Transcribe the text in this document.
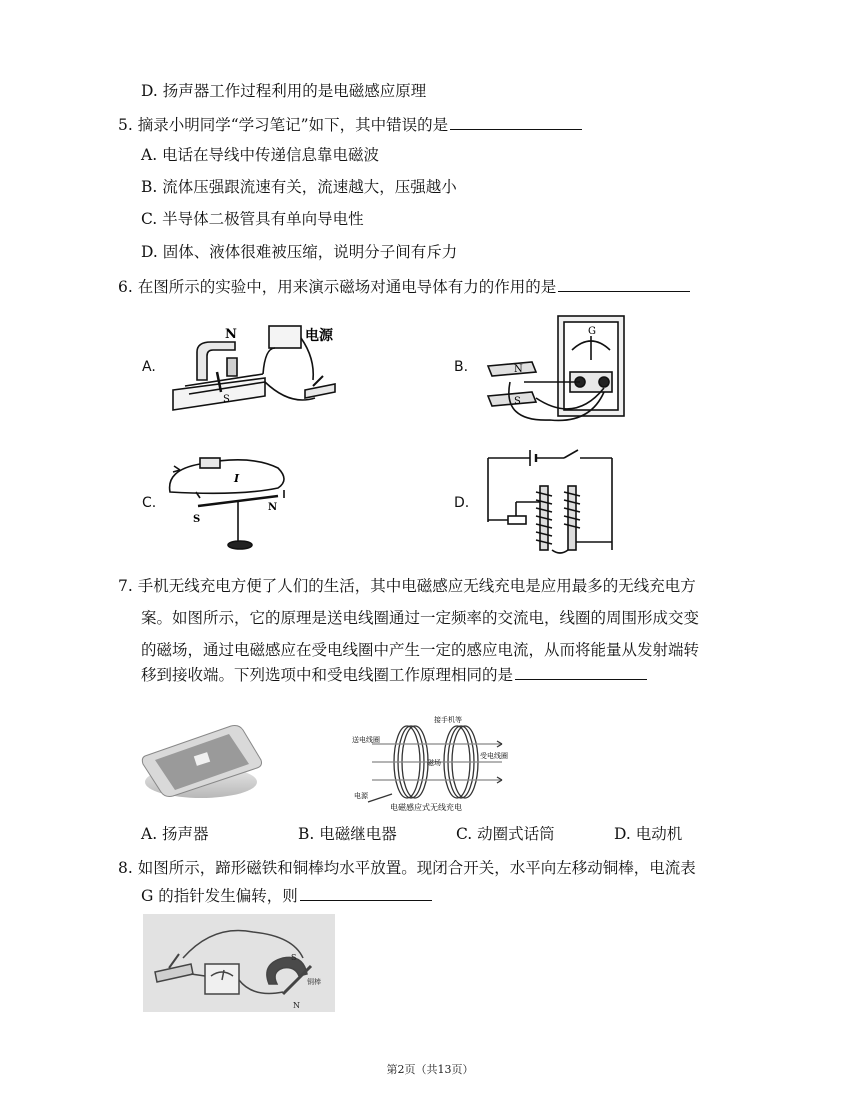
D. 扬声器工作过程利用的是电磁感应原理
5. 摘录小明同学“学习笔记”如下，其中错误的是
A. 电话在导线中传递信息靠电磁波
B. 流体压强跟流速有关，流速越大，压强越小
C. 半导体二极管具有单向导电性
D. 固体、液体很难被压缩，说明分子间有斥力
6. 在图所示的实验中，用来演示磁场对通电导体有力的作用的是
A.	B.
C.	D.
N
S
电源
N
S
G
I
S
N
7. 手机无线充电方便了人们的生活，其中电磁感应无线充电是应用最多的无线充电方
案。如图所示，它的原理是送电线圈通过一定频率的交流电，线圈的周围形成交变
的磁场，通过电磁感应在受电线圈中产生一定的感应电流，从而将能量从发射端转
移到接收端。下列选项中和受电线圈工作原理相同的是
接手机等
送电线圈
磁场
受电线圈
电源
电磁感应式无线充电
A. 扬声器	B. 电磁继电器	C. 动圈式话筒	D. 电动机
8. 如图所示，蹄形磁铁和铜棒均水平放置。现闭合开关，水平向左移动铜棒，电流表
G 的指针发生偏转，则
S
N
铜棒
第2页（共13页）
